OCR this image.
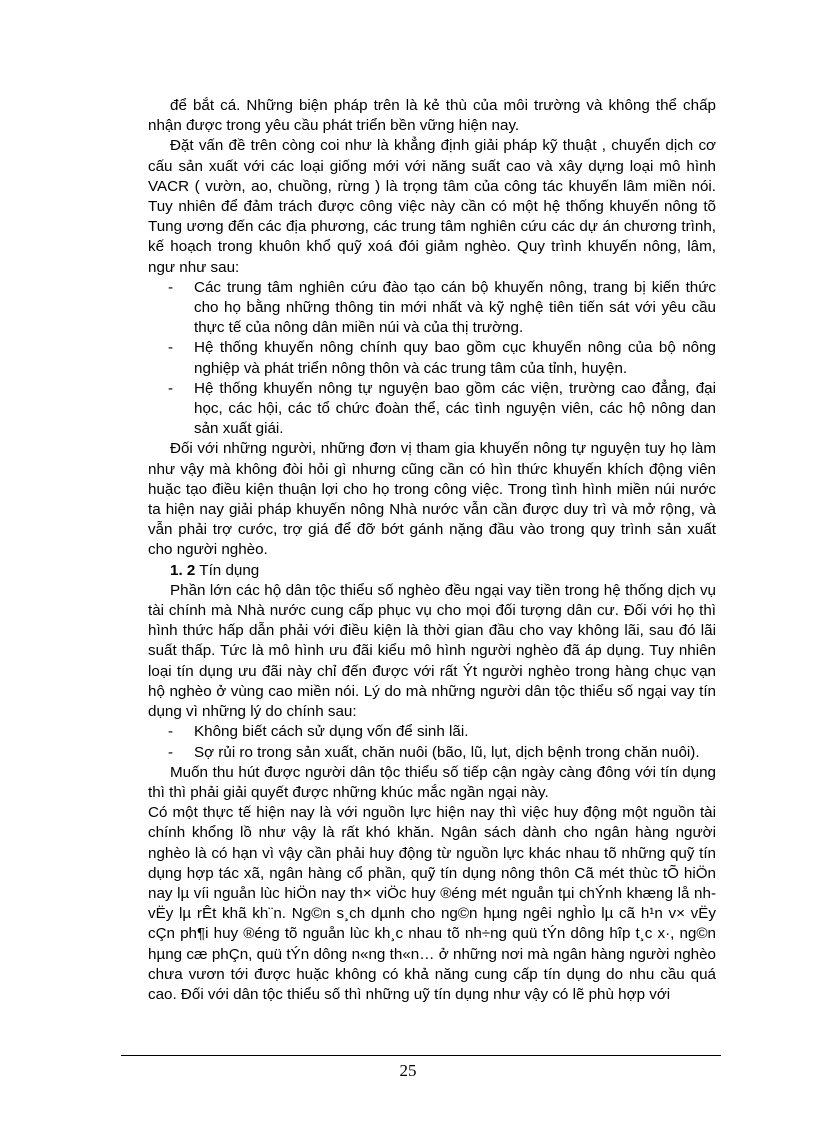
để bắt cá. Những biện pháp trên là kẻ thù của môi trường và không thể chấp nhận được trong yêu cầu phát triển bền vững hiện nay.

Đặt vấn đề trên còng coi như là khẳng định giải pháp kỹ thuật , chuyển dịch cơ cấu sản xuất với các loại giống mới với năng suất cao và xây dựng loại mô hình VACR ( vườn, ao, chuồng, rừng ) là trọng tâm của công tác khuyến lâm miền nói. Tuy nhiên để đảm trách được công việc này cần có một hệ thống khuyến nông tõ Tung ương đến các địa phương, các trung tâm nghiên cứu các dự án chương trình, kế hoạch trong khuôn khổ quỹ xoá đói giảm nghèo. Quy trình khuyến nông, lâm, ngư như sau:

- Các trung tâm nghiên cứu đào tạo cán bộ khuyến nông, trang bị kiến thức cho họ bằng những thông tin mới nhất và kỹ nghệ tiên tiến sát với yêu cầu thực tế của nông dân miền núi và của thị trường.
- Hệ thống khuyến nông chính quy bao gồm cục khuyến nông của bộ nông nghiệp và phát triển nông thôn và các trung tâm của tỉnh, huyện.
- Hệ thống khuyến nông tự nguyện bao gồm các viện, trường cao đẳng, đại học, các hội, các tổ chức đoàn thể, các tình nguyện viên, các hộ nông dan sản xuất giái.

Đối với những người, những đơn vị tham gia khuyến nông tự nguyện tuy họ làm như vậy mà không đòi hỏi gì nhưng cũng cần có hìn thức khuyến khích động viên huặc tạo điều kiện thuận lợi cho họ trong công việc. Trong tình hình miền núi nước ta hiện nay giải pháp khuyến nông Nhà nước vẫn cần được duy trì và mở rộng, và vẫn phải trợ cước, trợ giá để đỡ bớt gánh nặng đầu vào trong quy trình sản xuất cho người nghèo.

1. 2 Tín dụng

Phần lớn các hộ dân tộc thiểu số nghèo đều ngại vay tiền trong hệ thống dịch vụ tài chính mà Nhà nước cung cấp phục vụ cho mọi đối tượng dân cư. Đối với họ thì hình thức hấp dẫn phải với điều kiện là thời gian đầu cho vay không lãi, sau đó lãi suất thấp. Tức là mô hình ưu đãi kiểu mô hình người nghèo đã áp dụng. Tuy nhiên loại tín dụng ưu đãi này chỉ đến được với rất Ýt người nghèo trong hàng chục vạn hộ nghèo ở vùng cao miền nói. Lý do mà những người dân tộc thiểu số ngại vay tín dụng vì những lý do chính sau:

- Không biết cách sử dụng vốn để sinh lãi.
- Sợ rủi ro trong sản xuất, chăn nuôi (bão, lũ, lụt, dịch bệnh trong chăn nuôi).

Muốn thu hút được người dân tộc thiểu số tiếp cận ngày càng đông với tín dụng thì thì phải giải quyết được những khúc mắc ngần ngại này.

Có một thực tế hiện nay là với nguồn lực hiện nay thì việc huy động một nguồn tài chính khổng lồ như vậy là rất khó khăn. Ngân sách dành cho ngân hàng người nghèo là có hạn vì vậy cần phải huy động từ nguồn lực khác nhau tõ những quỹ tín dụng hợp tác xã, ngân hàng cổ phần, quỹ tín dụng nông thôn Cã mét thùc tÕ hiÖn nay lµ víi nguån lùc hiÖn nay th× viÖc huy ®éng mét nguån tµi chÝnh khæng lå nh vËy lµ rÊt khã kh¨n. Ng©n s¸ch dµnh cho ng©n hµng ngêi nghÌo lµ cã h¹n v× vËy cÇn ph¶i huy ®éng tõ nguån lùc kh¸c nhau tõ nh÷ng quü tÝn dông hîp t¸c x·, ng©n hµng cæ phÇn, quü tÝn dông n«ng th«n… ở những nơi mà ngân hàng người nghèo chưa vươn tới được huặc không có khả năng cung cấp tín dụng do nhu cầu quá cao. Đối với dân tộc thiểu số thì những uỹ tín dụng như vậy có lẽ phù hợp với

25
